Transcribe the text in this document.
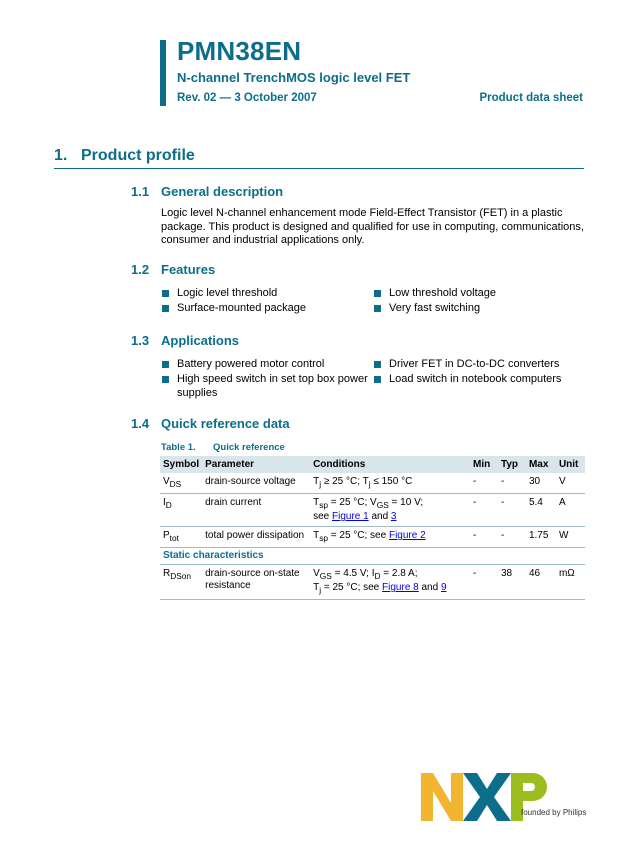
PMN38EN
N-channel TrenchMOS logic level FET
Rev. 02 — 3 October 2007	Product data sheet
1. Product profile
1.1 General description
Logic level N-channel enhancement mode Field-Effect Transistor (FET) in a plastic package. This product is designed and qualified for use in computing, communications, consumer and industrial applications only.
1.2 Features
Logic level threshold
Surface-mounted package
Low threshold voltage
Very fast switching
1.3 Applications
Battery powered motor control
High speed switch in set top box power supplies
Driver FET in DC-to-DC converters
Load switch in notebook computers
1.4 Quick reference data
Table 1. Quick reference
Symbol	Parameter	Conditions	Min	Typ	Max	Unit
$V_{DS}$	drain-source voltage	$T_j \ge 25$ °C; $T_j \le 150$ °C	-	-	30	V
$I_D$	drain current	$T_{sp} = 25$ °C; $V_{GS} = 10$ V;
see Figure 1 and 3	-	-	5.4	A
$P_{tot}$	total power dissipation	$T_{sp} = 25$ °C; see Figure 2	-	-	1.75	W
Static characteristics						
$R_{DSon}$	drain-source on-state resistance	$V_{GS} = 4.5$ V; $I_D = 2.8$ A;
$T_j = 25$ °C; see Figure 8 and 9	-	38	46	mΩ
founded by Philips
